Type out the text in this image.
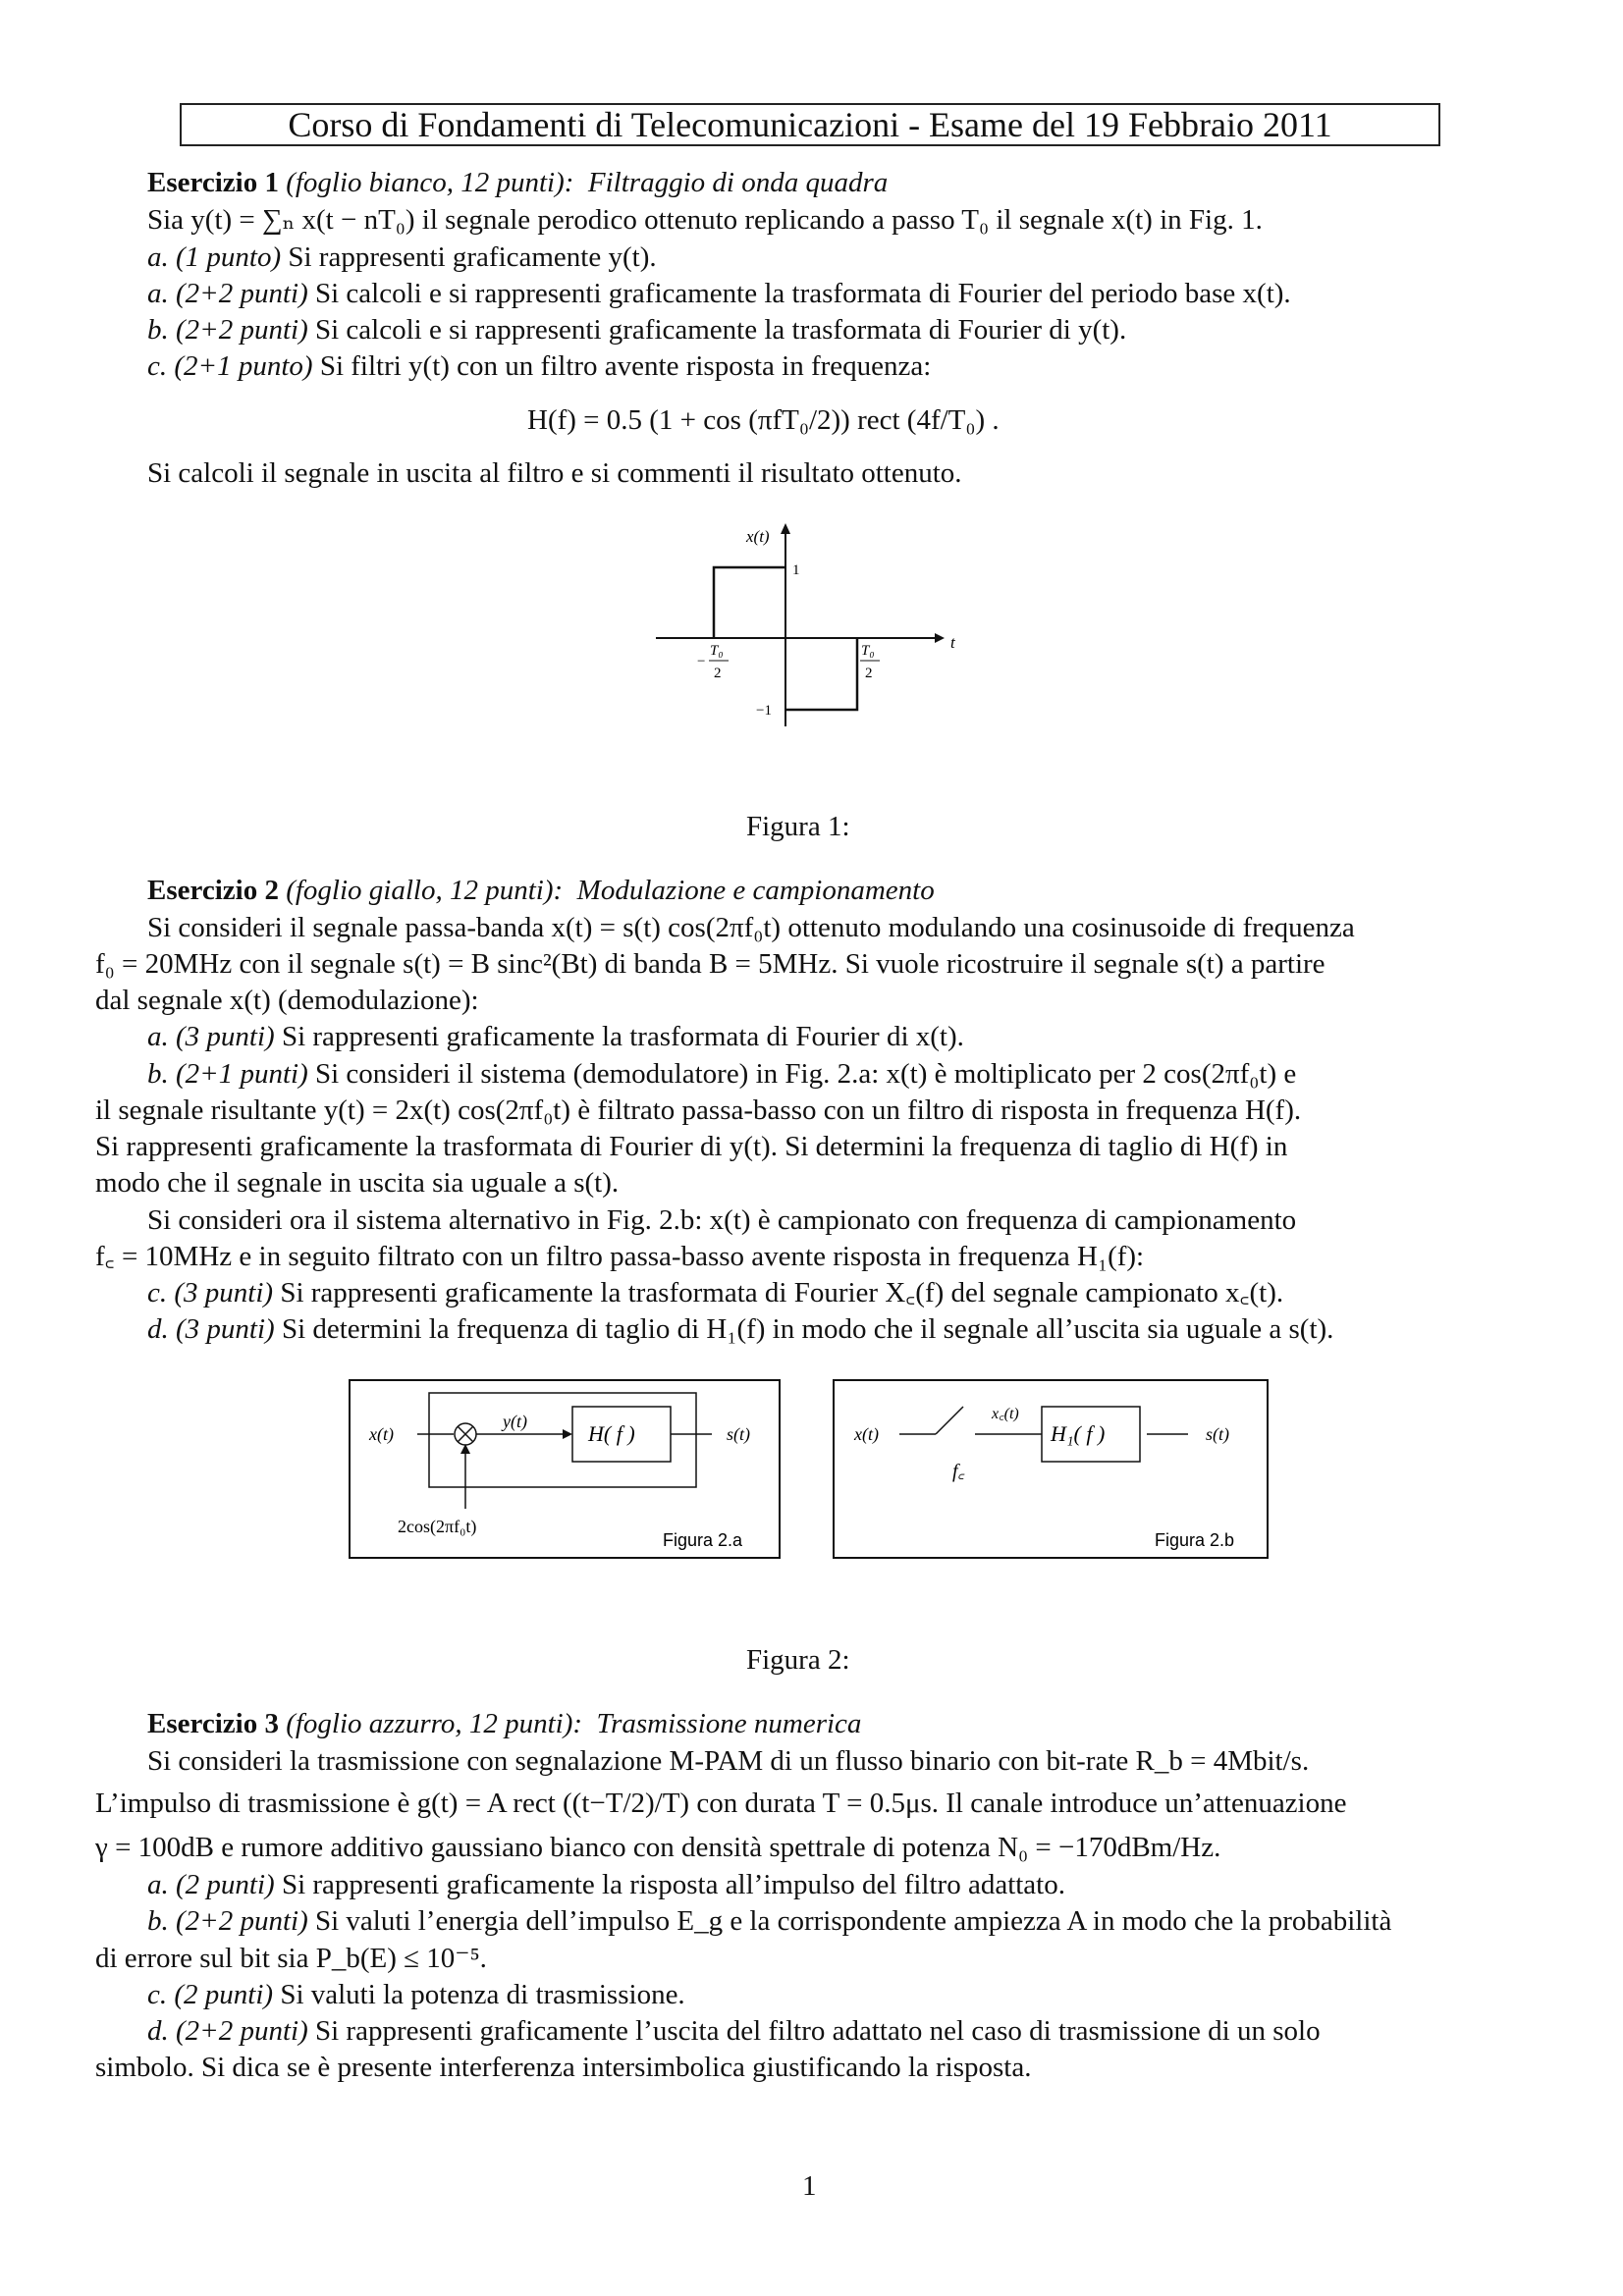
Corso di Fondamenti di Telecomunicazioni - Esame del 19 Febbraio 2011
Esercizio 1 (foglio bianco, 12 punti): Filtraggio di onda quadra
Sia y(t) = ∑ₙ x(t − nT₀) il segnale perodico ottenuto replicando a passo T₀ il segnale x(t) in Fig. 1.
a. (1 punto) Si rappresenti graficamente y(t).
a. (2+2 punti) Si calcoli e si rappresenti graficamente la trasformata di Fourier del periodo base x(t).
b. (2+2 punti) Si calcoli e si rappresenti graficamente la trasformata di Fourier di y(t).
c. (2+1 punto) Si filtri y(t) con un filtro avente risposta in frequenza:
H(f) = 0.5 (1 + cos (πfT₀/2)) rect (4f/T₀) .
Si calcoli il segnale in uscita al filtro e si commenti il risultato ottenuto.
x(t)
t
1
−1
−
T₀
2
T₀
2
Figura 1:
Esercizio 2 (foglio giallo, 12 punti): Modulazione e campionamento
Si consideri il segnale passa-banda x(t) = s(t) cos(2πf₀t) ottenuto modulando una cosinusoide di frequenza
f₀ = 20MHz con il segnale s(t) = B sinc²(Bt) di banda B = 5MHz. Si vuole ricostruire il segnale s(t) a partire
dal segnale x(t) (demodulazione):
a. (3 punti) Si rappresenti graficamente la trasformata di Fourier di x(t).
b. (2+1 punti) Si consideri il sistema (demodulatore) in Fig. 2.a: x(t) è moltiplicato per 2 cos(2πf₀t) e
il segnale risultante y(t) = 2x(t) cos(2πf₀t) è filtrato passa-basso con un filtro di risposta in frequenza H(f).
Si rappresenti graficamente la trasformata di Fourier di y(t). Si determini la frequenza di taglio di H(f) in
modo che il segnale in uscita sia uguale a s(t).
Si consideri ora il sistema alternativo in Fig. 2.b: x(t) è campionato con frequenza di campionamento
f꜀ = 10MHz e in seguito filtrato con un filtro passa-basso avente risposta in frequenza H₁(f):
c. (3 punti) Si rappresenti graficamente la trasformata di Fourier X꜀(f) del segnale campionato x꜀(t).
d. (3 punti) Si determini la frequenza di taglio di H₁(f) in modo che il segnale all’uscita sia uguale a s(t).
x(t)
y(t)	H( f )	s(t)
2cos(2πf₀t)
Figura 2.a
x(t)
f꜀
x꜀(t)
H₁( f )	s(t)
Figura 2.b
Figura 2:
Esercizio 3 (foglio azzurro, 12 punti): Trasmissione numerica
Si consideri la trasmissione con segnalazione M-PAM di un flusso binario con bit-rate R_b = 4Mbit/s.
L’impulso di trasmissione è g(t) = A rect ((t−T/2)/T) con durata T = 0.5μs. Il canale introduce un’attenuazione
γ = 100dB e rumore additivo gaussiano bianco con densità spettrale di potenza N₀ = −170dBm/Hz.
a. (2 punti) Si rappresenti graficamente la risposta all’impulso del filtro adattato.
b. (2+2 punti) Si valuti l’energia dell’impulso E_g e la corrispondente ampiezza A in modo che la probabilità
di errore sul bit sia P_b(E) ≤ 10⁻⁵.
c. (2 punti) Si valuti la potenza di trasmissione.
d. (2+2 punti) Si rappresenti graficamente l’uscita del filtro adattato nel caso di trasmissione di un solo
simbolo. Si dica se è presente interferenza intersimbolica giustificando la risposta.
1
